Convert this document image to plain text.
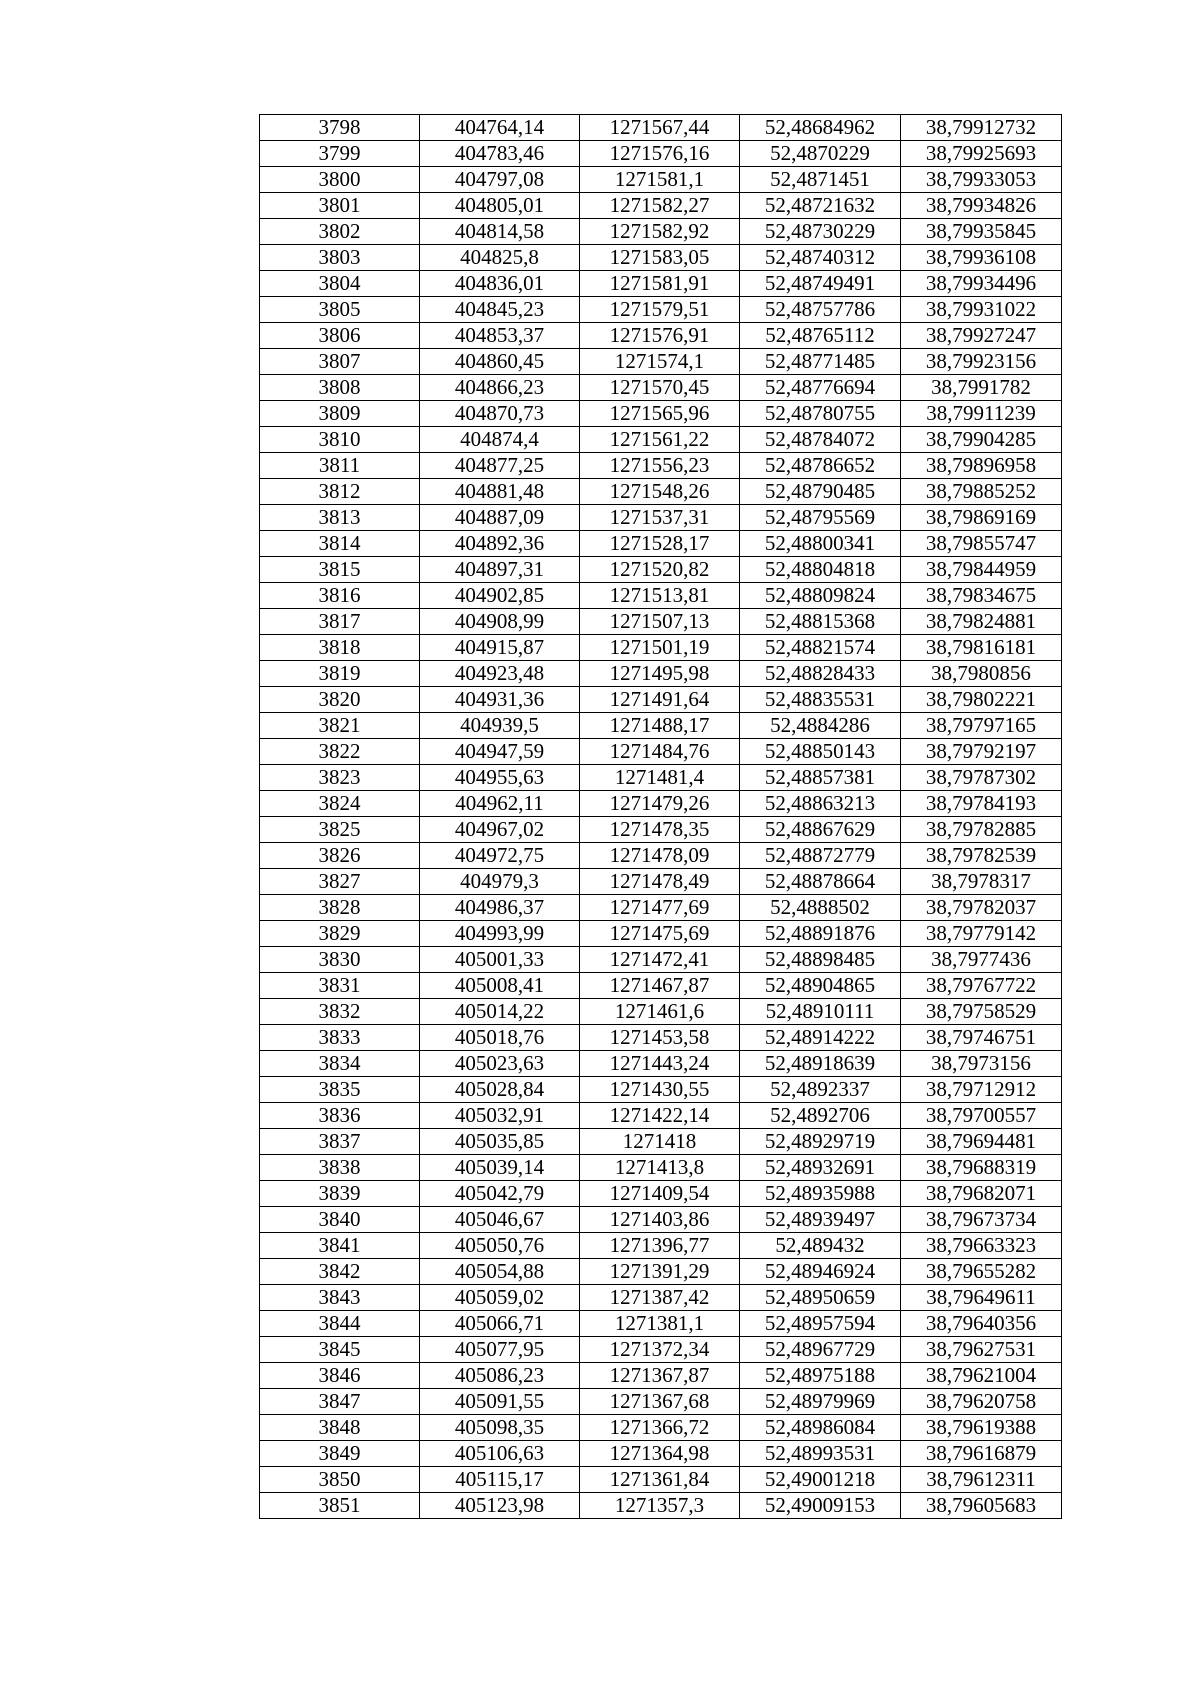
3798	404764,14	1271567,44	52,48684962	38,79912732
3799	404783,46	1271576,16	52,4870229	38,79925693
3800	404797,08	1271581,1	52,4871451	38,79933053
3801	404805,01	1271582,27	52,48721632	38,79934826
3802	404814,58	1271582,92	52,48730229	38,79935845
3803	404825,8	1271583,05	52,48740312	38,79936108
3804	404836,01	1271581,91	52,48749491	38,79934496
3805	404845,23	1271579,51	52,48757786	38,79931022
3806	404853,37	1271576,91	52,48765112	38,79927247
3807	404860,45	1271574,1	52,48771485	38,79923156
3808	404866,23	1271570,45	52,48776694	38,7991782
3809	404870,73	1271565,96	52,48780755	38,79911239
3810	404874,4	1271561,22	52,48784072	38,79904285
3811	404877,25	1271556,23	52,48786652	38,79896958
3812	404881,48	1271548,26	52,48790485	38,79885252
3813	404887,09	1271537,31	52,48795569	38,79869169
3814	404892,36	1271528,17	52,48800341	38,79855747
3815	404897,31	1271520,82	52,48804818	38,79844959
3816	404902,85	1271513,81	52,48809824	38,79834675
3817	404908,99	1271507,13	52,48815368	38,79824881
3818	404915,87	1271501,19	52,48821574	38,79816181
3819	404923,48	1271495,98	52,48828433	38,7980856
3820	404931,36	1271491,64	52,48835531	38,79802221
3821	404939,5	1271488,17	52,4884286	38,79797165
3822	404947,59	1271484,76	52,48850143	38,79792197
3823	404955,63	1271481,4	52,48857381	38,79787302
3824	404962,11	1271479,26	52,48863213	38,79784193
3825	404967,02	1271478,35	52,48867629	38,79782885
3826	404972,75	1271478,09	52,48872779	38,79782539
3827	404979,3	1271478,49	52,48878664	38,7978317
3828	404986,37	1271477,69	52,4888502	38,79782037
3829	404993,99	1271475,69	52,48891876	38,79779142
3830	405001,33	1271472,41	52,48898485	38,7977436
3831	405008,41	1271467,87	52,48904865	38,79767722
3832	405014,22	1271461,6	52,48910111	38,79758529
3833	405018,76	1271453,58	52,48914222	38,79746751
3834	405023,63	1271443,24	52,48918639	38,7973156
3835	405028,84	1271430,55	52,4892337	38,79712912
3836	405032,91	1271422,14	52,4892706	38,79700557
3837	405035,85	1271418	52,48929719	38,79694481
3838	405039,14	1271413,8	52,48932691	38,79688319
3839	405042,79	1271409,54	52,48935988	38,79682071
3840	405046,67	1271403,86	52,48939497	38,79673734
3841	405050,76	1271396,77	52,489432	38,79663323
3842	405054,88	1271391,29	52,48946924	38,79655282
3843	405059,02	1271387,42	52,48950659	38,79649611
3844	405066,71	1271381,1	52,48957594	38,79640356
3845	405077,95	1271372,34	52,48967729	38,79627531
3846	405086,23	1271367,87	52,48975188	38,79621004
3847	405091,55	1271367,68	52,48979969	38,79620758
3848	405098,35	1271366,72	52,48986084	38,79619388
3849	405106,63	1271364,98	52,48993531	38,79616879
3850	405115,17	1271361,84	52,49001218	38,79612311
3851	405123,98	1271357,3	52,49009153	38,79605683
